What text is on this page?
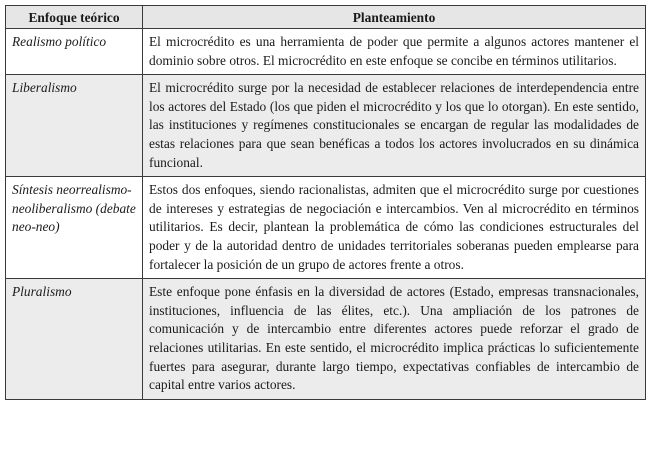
Enfoque teórico	Planteamiento
Realismo político	El microcrédito es una herramienta de poder que permite a algunos actores mantener el dominio sobre otros. El microcrédito en este enfoque se concibe en términos utilitarios.
Liberalismo	El microcrédito surge por la necesidad de establecer relaciones de interdependencia entre los actores del Estado (los que piden el microcrédito y los que lo otorgan). En este sentido, las instituciones y regímenes constitucionales se encargan de regular las modalidades de estas relaciones para que sean benéficas a todos los actores involucrados en su dinámica funcional.
Síntesis neorrealismo-neoliberalismo (debate neo-neo)	Estos dos enfoques, siendo racionalistas, admiten que el microcrédito surge por cuestiones de intereses y estrategias de negociación e intercambios. Ven al microcrédito en términos utilitarios. Es decir, plantean la problemática de cómo las condiciones estructurales del poder y de la autoridad dentro de unidades territoriales soberanas pueden emplearse para fortalecer la posición de un grupo de actores frente a otros.
Pluralismo	Este enfoque pone énfasis en la diversidad de actores (Estado, empresas transnacionales, instituciones, influencia de las élites, etc.). Una ampliación de los patrones de comunicación y de intercambio entre diferentes actores puede reforzar el grado de relaciones utilitarias. En este sentido, el microcrédito implica prácticas lo suficientemente fuertes para asegurar, durante largo tiempo, expectativas confiables de intercambio de capital entre varios actores.
